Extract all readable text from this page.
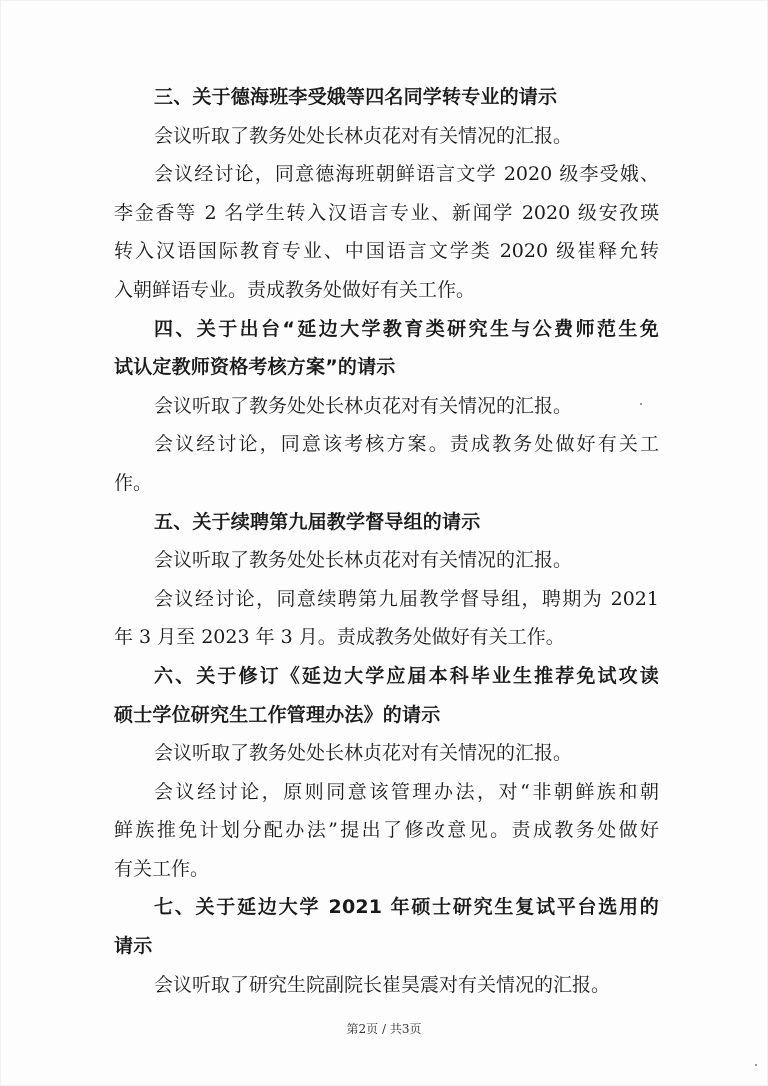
三、关于德海班李受娥等四名同学转专业的请示
会议听取了教务处处长林贞花对有关情况的汇报。
会议经讨论，同意德海班朝鲜语言文学 2020 级李受娥、
李金香等 2 名学生转入汉语言专业、新闻学 2020 级安孜瑛
转入汉语国际教育专业、中国语言文学类 2020 级崔释允转
入朝鲜语专业。责成教务处做好有关工作。
四、关于出台“延边大学教育类研究生与公费师范生免
试认定教师资格考核方案”的请示
会议听取了教务处处长林贞花对有关情况的汇报。
会议经讨论，同意该考核方案。责成教务处做好有关工
作。
五、关于续聘第九届教学督导组的请示
会议听取了教务处处长林贞花对有关情况的汇报。
会议经讨论，同意续聘第九届教学督导组，聘期为 2021
年 3 月至 2023 年 3 月。责成教务处做好有关工作。
六、关于修订《延边大学应届本科毕业生推荐免试攻读
硕士学位研究生工作管理办法》的请示
会议听取了教务处处长林贞花对有关情况的汇报。
会议经讨论，原则同意该管理办法，对“非朝鲜族和朝
鲜族推免计划分配办法”提出了修改意见。责成教务处做好
有关工作。
七、关于延边大学 2021 年硕士研究生复试平台选用的
请示
会议听取了研究生院副院长崔昊震对有关情况的汇报。
第2页 / 共3页
